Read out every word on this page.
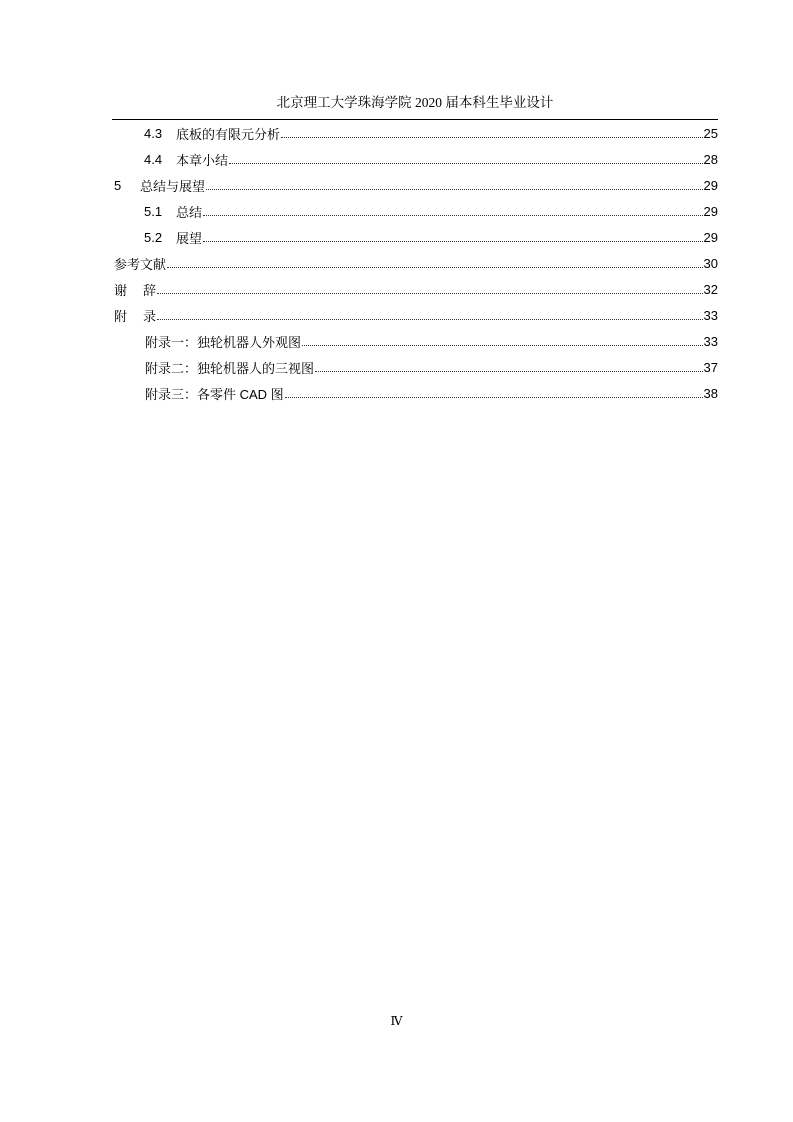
北京理工大学珠海学院 2020 届本科生毕业设计
4.3	底板的有限元分析	25
4.4	本章小结	28
5	总结与展望	29
5.1	总结	29
5.2	展望	29
参考文献	30
谢 辞	32
附 录	33
附录一：独轮机器人外观图	33
附录二：独轮机器人的三视图	37
附录三：各零件 CAD 图	38
Ⅳ
